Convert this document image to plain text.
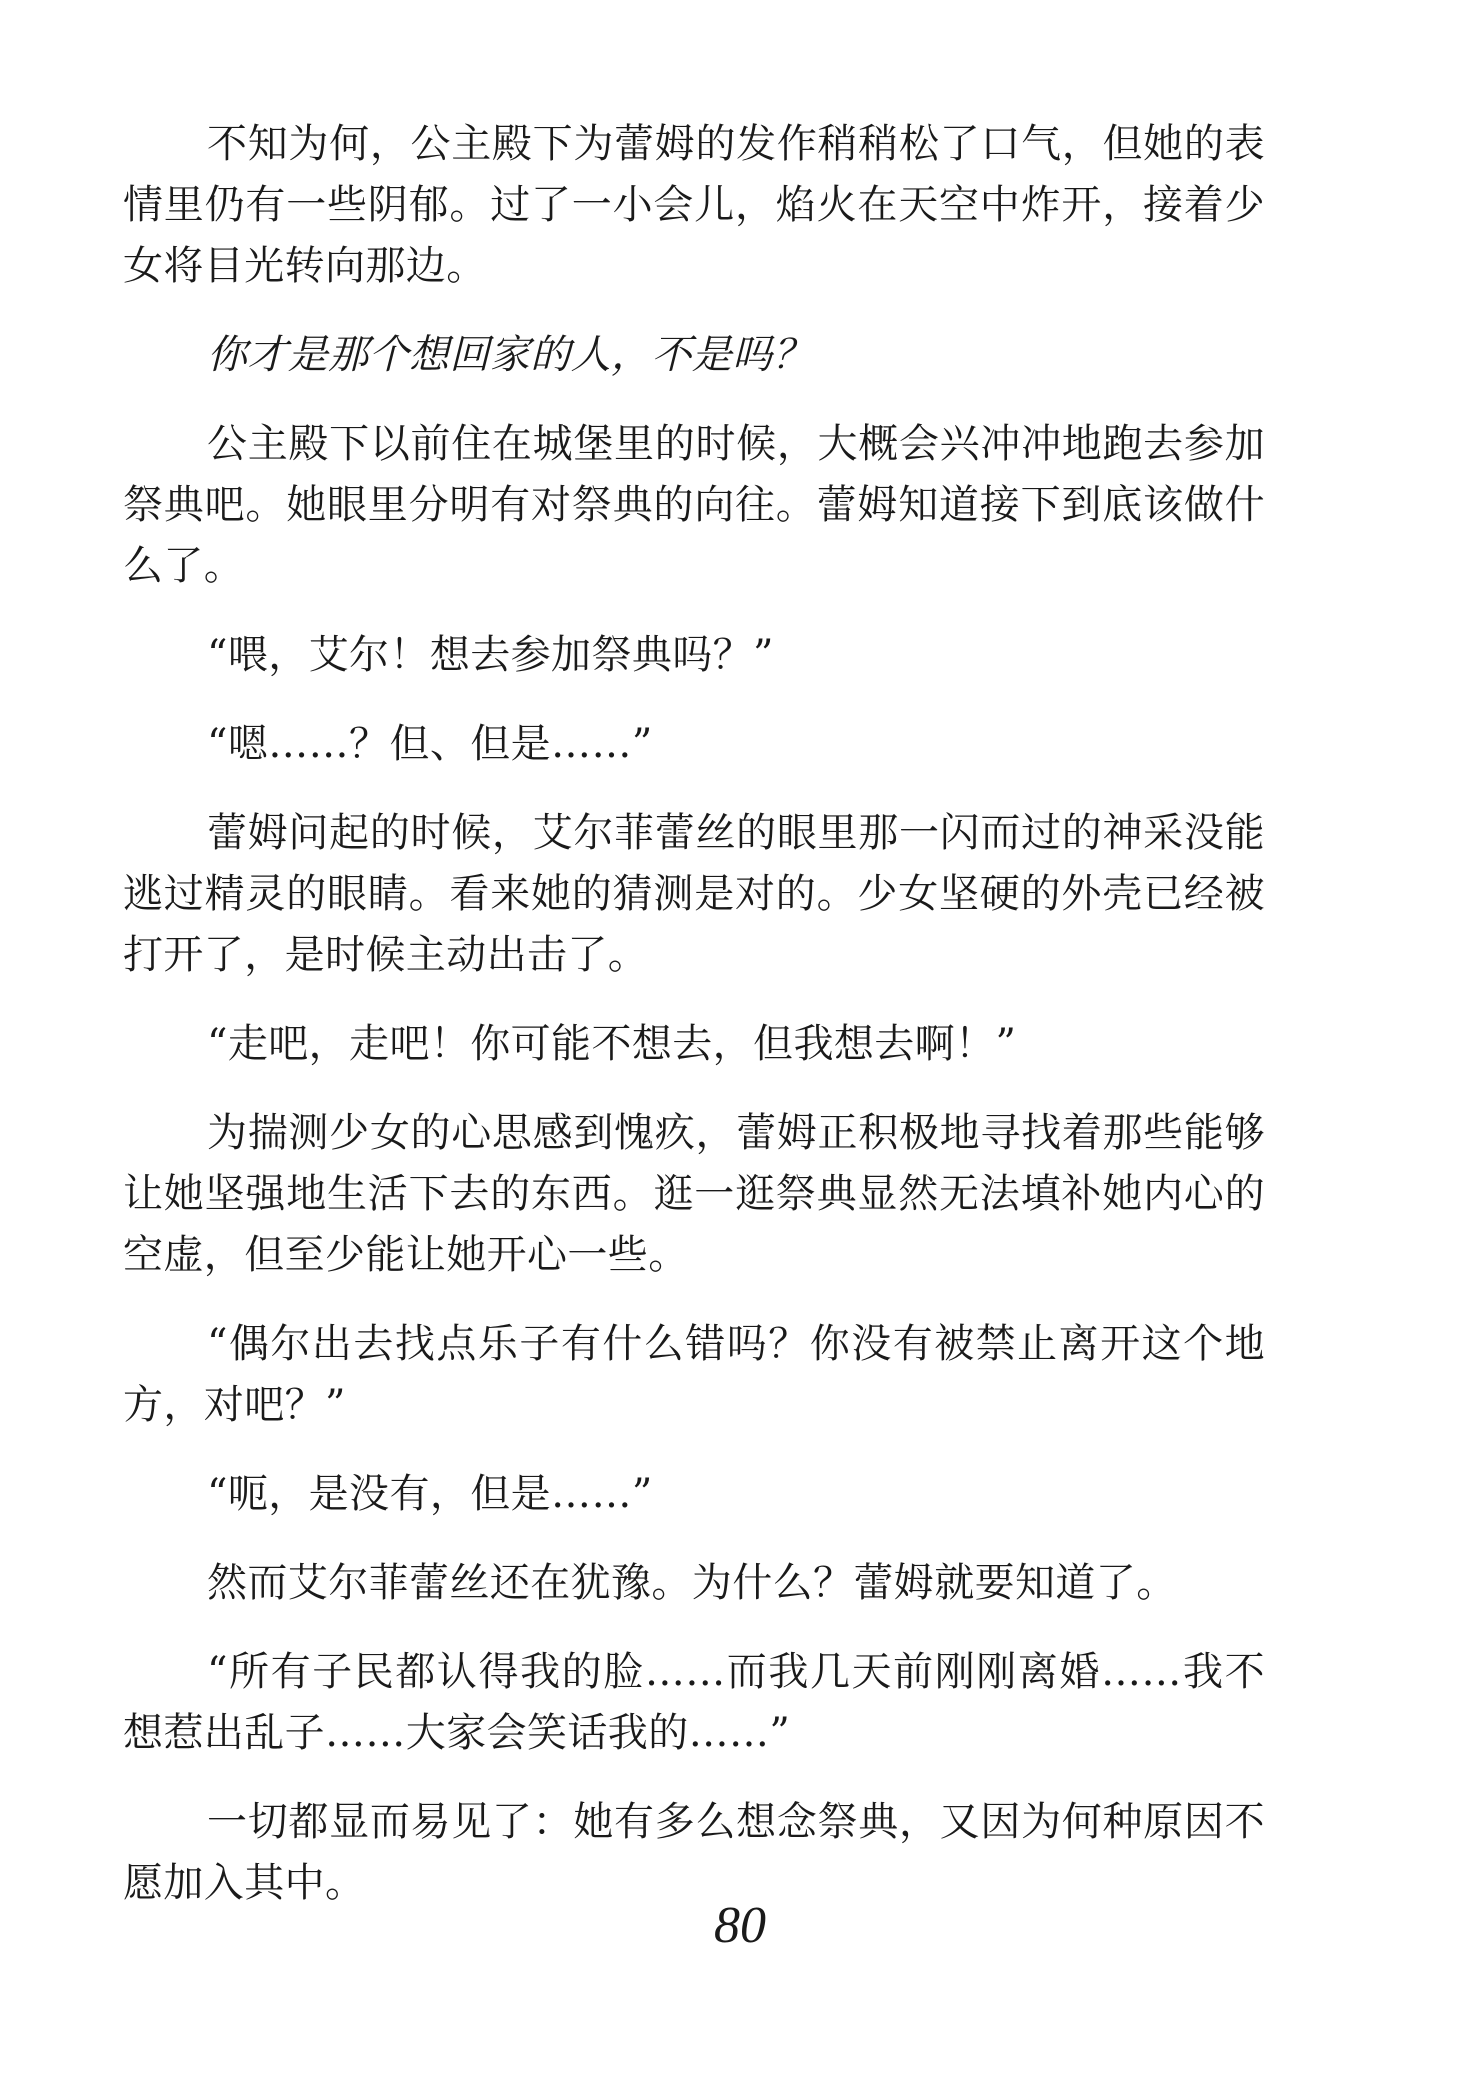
不知为何，公主殿下为蕾姆的发作稍稍松了口气，但她的表情里仍有一些阴郁。过了一小会儿，焰火在天空中炸开，接着少女将目光转向那边。

你才是那个想回家的人，不是吗？

公主殿下以前住在城堡里的时候，大概会兴冲冲地跑去参加祭典吧。她眼里分明有对祭典的向往。蕾姆知道接下到底该做什么了。

“喂，艾尔！想去参加祭典吗？”

“嗯……？但、但是……”

蕾姆问起的时候，艾尔菲蕾丝的眼里那一闪而过的神采没能逃过精灵的眼睛。看来她的猜测是对的。少女坚硬的外壳已经被打开了，是时候主动出击了。

“走吧，走吧！你可能不想去，但我想去啊！”

为揣测少女的心思感到愧疚，蕾姆正积极地寻找着那些能够让她坚强地生活下去的东西。逛一逛祭典显然无法填补她内心的空虚，但至少能让她开心一些。

“偶尔出去找点乐子有什么错吗？你没有被禁止离开这个地方，对吧？”

“呃，是没有，但是……”

然而艾尔菲蕾丝还在犹豫。为什么？蕾姆就要知道了。

“所有子民都认得我的脸……而我几天前刚刚离婚……我不想惹出乱子……大家会笑话我的……”

一切都显而易见了：她有多么想念祭典，又因为何种原因不愿加入其中。

80
